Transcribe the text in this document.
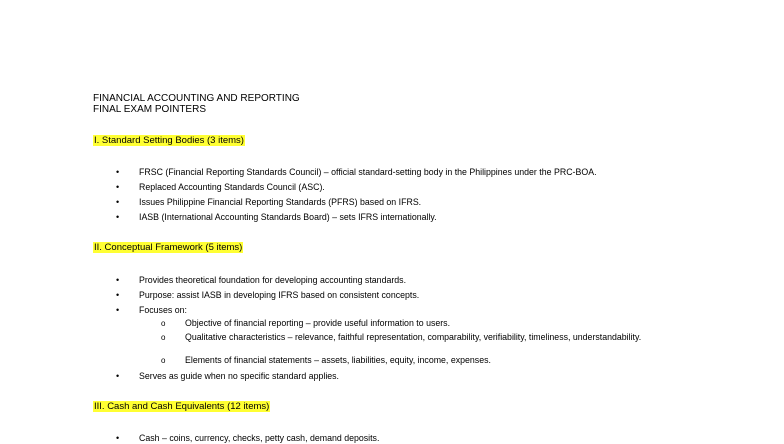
FINANCIAL ACCOUNTING AND REPORTING
FINAL EXAM POINTERS
I. Standard Setting Bodies (3 items)
• FRSC (Financial Reporting Standards Council) – official standard-setting body in the Philippines under the PRC-BOA.
• Replaced Accounting Standards Council (ASC).
• Issues Philippine Financial Reporting Standards (PFRS) based on IFRS.
• IASB (International Accounting Standards Board) – sets IFRS internationally.
II. Conceptual Framework (5 items)
• Provides theoretical foundation for developing accounting standards.
• Purpose: assist IASB in developing IFRS based on consistent concepts.
• Focuses on:
o Objective of financial reporting – provide useful information to users.
o Qualitative characteristics – relevance, faithful representation, comparability, verifiability, timeliness, understandability.
o Elements of financial statements – assets, liabilities, equity, income, expenses.
• Serves as guide when no specific standard applies.
III. Cash and Cash Equivalents (12 items)
• Cash – coins, currency, checks, petty cash, demand deposits.
